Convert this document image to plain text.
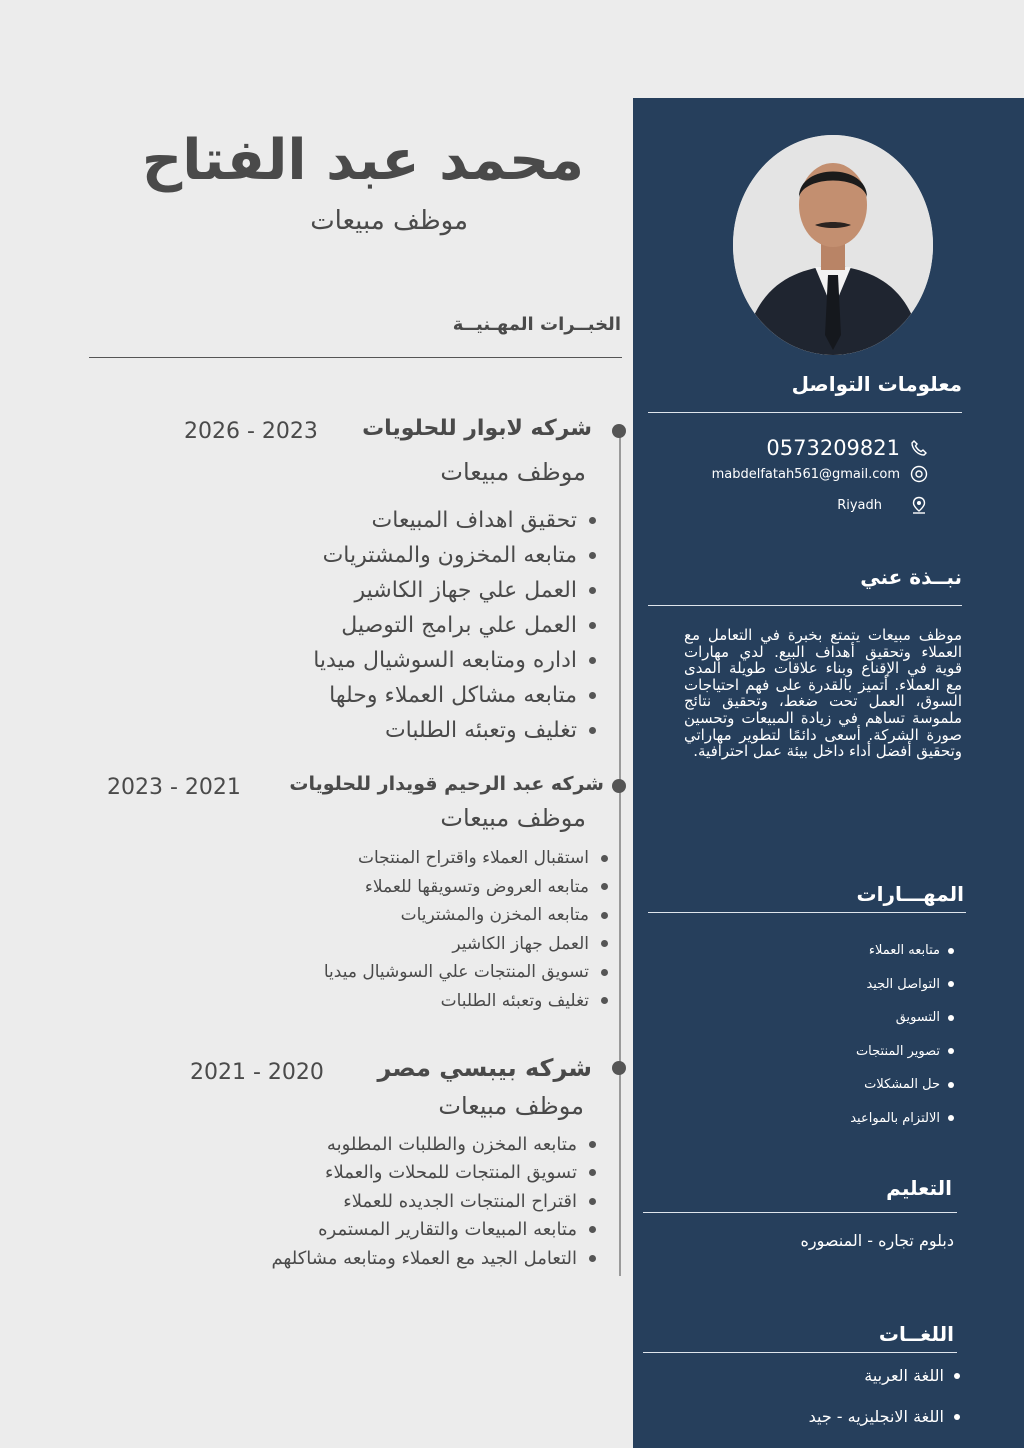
معلومات التواصل
0573209821
mabdelfatah561@gmail.com
Riyadh
نبــذة عني
موظف مبيعات يتمتع بخبرة في التعامل مع العملاء وتحقيق أهداف البيع. لدي مهارات قوية في الإقناع وبناء علاقات طويلة المدى مع العملاء. أتميز بالقدرة على فهم احتياجات السوق، العمل تحت ضغط، وتحقيق نتائج ملموسة تساهم في زيادة المبيعات وتحسين صورة الشركة. أسعى دائمًا لتطوير مهاراتي وتحقيق أفضل أداء داخل بيئة عمل احترافية.
المهـــارات
متابعه العملاء
التواصل الجيد
التسويق
تصوير المنتجات
حل المشكلات
الالتزام بالمواعيد
التعليم
دبلوم تجاره - المنصوره
اللغــات
اللغة العربية
اللغة الانجليزيه - جيد
محمد عبد الفتاح
موظف مبيعات
الخبــرات المهـنيــة
شركه لابوار للحلويات
2026 - 2023
موظف مبيعات
تحقيق اهداف المبيعات
متابعه المخزون والمشتريات
العمل علي جهاز الكاشير
العمل علي برامج التوصيل
اداره ومتابعه السوشيال ميديا
متابعه مشاكل العملاء وحلها
تغليف وتعبئه الطلبات
شركه عبد الرحيم قويدار للحلويات
2023 - 2021
موظف مبيعات
استقبال العملاء واقتراح المنتجات
متابعه العروض وتسويقها للعملاء
متابعه المخزن والمشتريات
العمل جهاز الكاشير
تسويق المنتجات علي السوشيال ميديا
تغليف وتعبئه الطلبات
شركه بيبسي مصر
2021 - 2020
موظف مبيعات
متابعه المخزن والطلبات المطلوبه
تسويق المنتجات للمحلات والعملاء
اقتراح المنتجات الجديده للعملاء
متابعه المبيعات والتقارير المستمره
التعامل الجيد مع العملاء ومتابعه مشاكلهم
